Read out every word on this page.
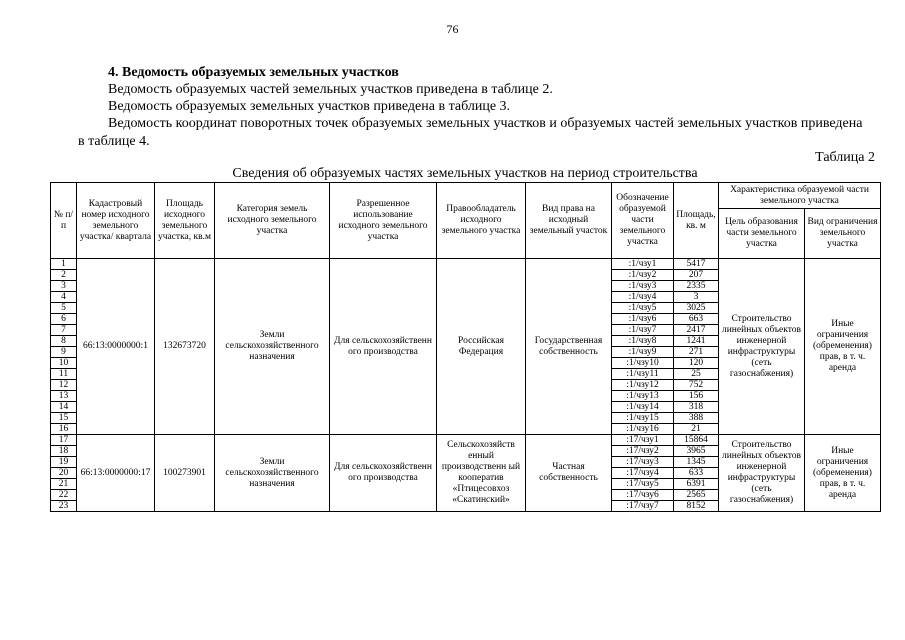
76
4. Ведомость образуемых земельных участков
Ведомость образуемых частей земельных участков приведена в таблице 2.
Ведомость образуемых земельных участков приведена в таблице 3.
Ведомость координат поворотных точек образуемых земельных участков и образуемых частей земельных участков приведена в таблице 4.
Таблица 2
Сведения об образуемых частях земельных участков на период строительства
№ п/п	Кадастровый номер исходного земельного участка/ квартала	Площадь исходного земельного участка, кв.м	Категория земель исходного земельного участка	Разрешенное использование исходного земельного участка	Правообладатель исходного земельного участка	Вид права на исходный земельный участок	Обозначение образуемой части земельного участка	Площадь, кв. м	Характеристика образуемой части земельного участка	
									Цель образования части земельного участка	Вид ограничения земельного участка
1	66:13:0000000:1	132673720	Земли сельскохозяйственного назначения	Для сельскохозяйственн ого производства	Российская Федерация	Государственная собственность	:1/чзу1	5417	Строительство линейных объектов инженерной инфраструктуры (сеть газоснабжения)	Иные ограничения (обременения) прав, в т. ч. аренда
2							:1/чзу2	207		
3							:1/чзу3	2335		
4							:1/чзу4	3		
5							:1/чзу5	3025		
6							:1/чзу6	663		
7							:1/чзу7	2417		
8							:1/чзу8	1241		
9							:1/чзу9	271		
10							:1/чзу10	120		
11							:1/чзу11	25		
12							:1/чзу12	752		
13							:1/чзу13	156		
14							:1/чзу14	318		
15							:1/чзу15	388		
16							:1/чзу16	21		
17	66:13:0000000:17	100273901	Земли сельскохозяйственного назначения	Для сельскохозяйственн ого производства	Сельскохозяйств енный производственн ый кооператив «Птицесовхоз «Скатинский»	Частная собственность	:17/чзу1	15864	Строительство линейных объектов инженерной инфраструктуры (сеть газоснабжения)	Иные ограничения (обременения) прав, в т. ч. аренда
18							:17/чзу2	3965		
19							:17/чзу3	1345		
20							:17/чзу4	633		
21							:17/чзу5	6391		
22							:17/чзу6	2565		
23							:17/чзу7	8152		
